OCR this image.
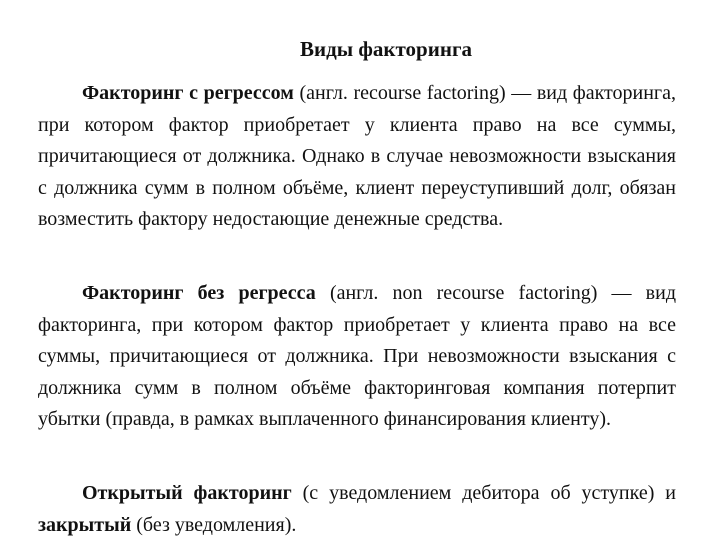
Виды факторинга

Факторинг с регрессом (англ. recourse factoring) — вид факторинга, при котором фактор приобретает у клиента право на все суммы, причитающиеся от должника. Однако в случае невозможности взыскания с должника сумм в полном объёме, клиент переуступивший долг, обязан возместить фактору недостающие денежные средства.

Факторинг без регресса (англ. non recourse factoring) — вид факторинга, при котором фактор приобретает у клиента право на все суммы, причитающиеся от должника. При невозможности взыскания с должника сумм в полном объёме факторинговая компания потерпит убытки (правда, в рамках выплаченного финансирования клиенту).

Открытый факторинг (с уведомлением дебитора об уступке) и закрытый (без уведомления).
